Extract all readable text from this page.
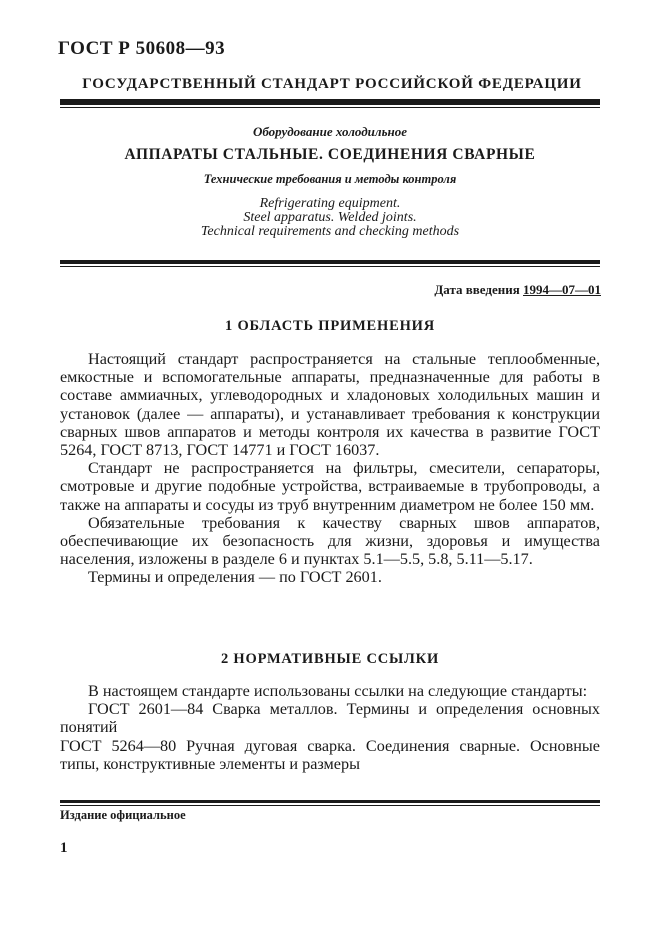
ГОСТ Р 50608—93
ГОСУДАРСТВЕННЫЙ СТАНДАРТ РОССИЙСКОЙ ФЕДЕРАЦИИ
Оборудование холодильное
АППАРАТЫ СТАЛЬНЫЕ. СОЕДИНЕНИЯ СВАРНЫЕ
Технические требования и методы контроля
Refrigerating equipment.
Steel apparatus. Welded joints.
Technical requirements and checking methods
Дата введения 1994—07—01
1 ОБЛАСТЬ ПРИМЕНЕНИЯ

Настоящий стандарт распространяется на стальные теплообменные, емкостные и вспомогательные аппараты, предназначенные для работы в составе аммиачных, углеводородных и хладоновых холодильных машин и установок (далее — аппараты), и устанавливает требования к конструкции сварных швов аппаратов и методы контроля их качества в развитие ГОСТ 5264, ГОСТ 8713, ГОСТ 14771 и ГОСТ 16037.

Стандарт не распространяется на фильтры, смесители, сепараторы, смотровые и другие подобные устройства, встраиваемые в трубопроводы, а также на аппараты и сосуды из труб внутренним диаметром не более 150 мм.

Обязательные требования к качеству сварных швов аппаратов, обеспечивающие их безопасность для жизни, здоровья и имущества населения, изложены в разделе 6 и пунктах 5.1—5.5, 5.8, 5.11—5.17.

Термины и определения — по ГОСТ 2601.

2 НОРМАТИВНЫЕ ССЫЛКИ

В настоящем стандарте использованы ссылки на следующие стандарты:

ГОСТ 2601—84 Сварка металлов. Термины и определения основных понятий

ГОСТ 5264—80 Ручная дуговая сварка. Соединения сварные. Основные типы, конструктивные элементы и размеры

Издание официальное
1
